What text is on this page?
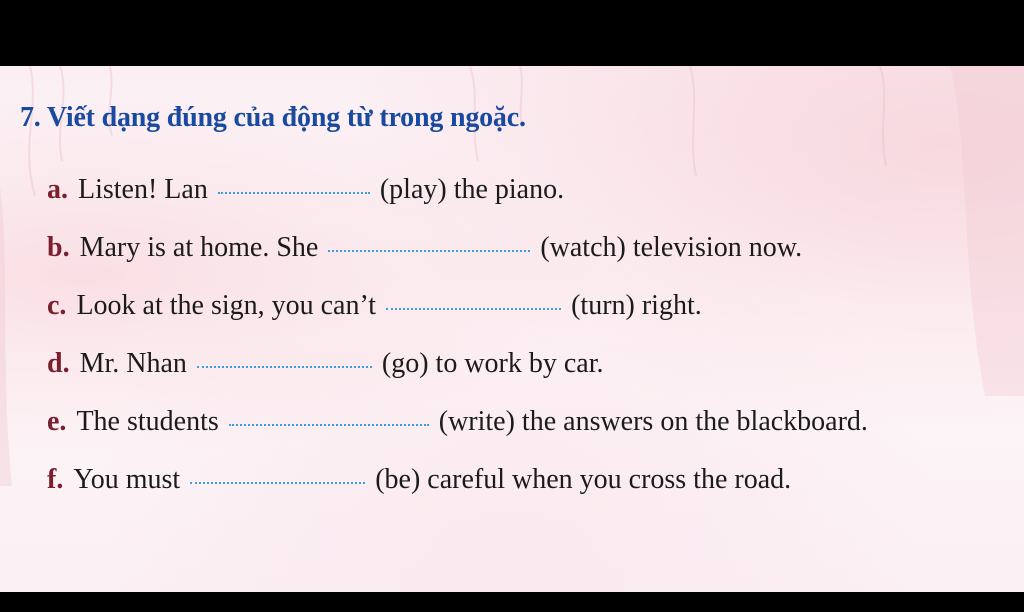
7. Viết dạng đúng của động từ trong ngoặc.
a. Listen! Lan	(play) the piano.
b. Mary is at home. She	(watch) television now.
c. Look at the sign, you can’t	(turn) right.
d. Mr. Nhan	(go) to work by car.
e. The students	(write) the answers on the blackboard.
f. You must	(be) careful when you cross the road.
